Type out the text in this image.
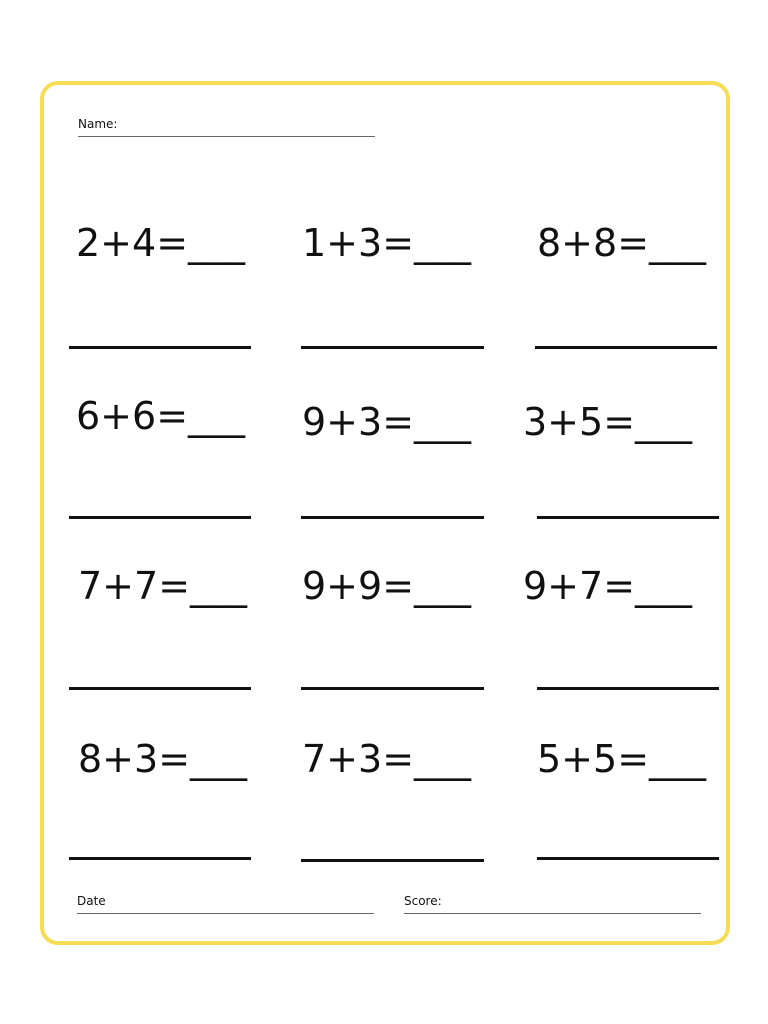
Name:
2+4=___ 1+3=___ 8+8=___
6+6=___ 9+3=___ 3+5=___
7+7=___ 9+9=___ 9+7=___
8+3=___ 7+3=___ 5+5=___
Date	Score:
